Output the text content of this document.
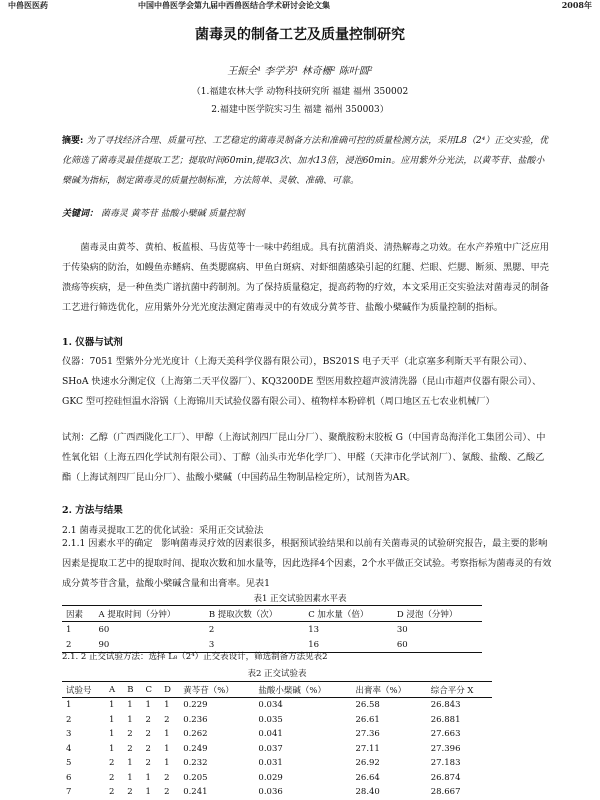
中兽医医药	中国中兽医学会第九届中西兽医结合学术研讨会论文集	2008年
菌毒灵的制备工艺及质量控制研究
王振全¹ 李学芳¹ 林奇栅² 陈叶圆²
（1.福建农林大学 动物科技研究所 福建 福州 350002
2.福建中医学院实习生 福建 福州 350003）
摘要: 为了寻找经济合理、质量可控、工艺稳定的菌毒灵制备方法和准确可控的质量检测方法，采用L8（2⁴）正交实验，优化筛选了菌毒灵最佳提取工艺；提取时间60min,提取3次、加水13倍，浸泡60min。应用紫外分光法，以黄芩苷、盐酸小檗碱为指标，制定菌毒灵的质量控制标准，方法简单、灵敏、准确、可靠。
关键词： 菌毒灵 黄芩苷 盐酸小檗碱 质量控制
菌毒灵由黄芩、黄柏、板蓝根、马齿苋等十一味中药组成。具有抗菌消炎、清热解毒之功效。在水产养殖中广泛应用于传染病的防治，如鳗鱼赤鳍病、鱼类腮腐病、甲鱼白斑病、对虾细菌感染引起的红腿、烂眼、烂腮、断须、黑腮、甲壳溃疡等疾病，是一种鱼类广谱抗菌中药制剂。为了保持质量稳定，提高药物的疗效，本文采用正交实验法对菌毒灵的制备工艺进行筛选优化，应用紫外分光光度法测定菌毒灵中的有效成分黄芩苷、盐酸小檗碱作为质量控制的指标。
1. 仪器与试剂
仪器：7051 型紫外分光光度计（上海天美科学仪器有限公司），BS201S 电子天平（北京塞多利斯天平有限公司）、SHoA 快速水分测定仪（上海第二天平仪器厂）、KQ3200DE 型医用数控超声波清洗器（昆山市超声仪器有限公司）、GKC 型可控硅恒温水浴锅（上海锦川天试验仪器有限公司）、植物样本粉碎机（周口地区五七农业机械厂）
试剂：乙醇（广西西陇化工厂）、甲醇（上海试剂四厂昆山分厂）、聚酰胺粉末胶板 G（中国青岛海洋化工集团公司）、中性氧化铝（上海五四化学试剂有限公司）、丁醇（汕头市光华化学厂）、甲醛（天津市化学试剂厂）、氯酸、盐酸、乙酸乙酯（上海试剂四厂昆山分厂）、盐酸小檗碱（中国药品生物制品检定所），试剂皆为AR。
2. 方法与结果
2.1 菌毒灵提取工艺的优化试验：采用正交试验法
2.1.1 因素水平的确定 影响菌毒灵疗效的因素很多，根据预试验结果和以前有关菌毒灵的试验研究报告，最主要的影响因素是提取工艺中的提取时间、提取次数和加水量等，因此选择4个因素，2个水平做正交试验。考察指标为菌毒灵的有效成分黄芩苷含量，盐酸小檗碱含量和出膏率。见表1
表1 正交试验因素水平表
因素	A 提取时间（分钟）	B 提取次数（次）	C 加水量（倍）	D 浸泡（分钟）
1	60	2	13	30
2	90	3	16	60
2.1. 2 正交试验方法：选择 L₈（2⁴）正交表设计，筛选制备方法见表2
表2 正交试验表
试验号	A	B	C	D	黄芩苷（%）	盐酸小檗碱（%）	出膏率（%）	综合平分 X
1	1	1	1	1	0.229	0.034	26.58	26.843
2	1	1	2	2	0.236	0.035	26.61	26.881
3	1	2	2	1	0.262	0.041	27.36	27.663
4	1	2	2	1	0.249	0.037	27.11	27.396
5	2	1	2	1	0.232	0.031	26.92	27.183
6	2	1	1	2	0.205	0.029	26.64	26.874
7	2	2	1	2	0.241	0.036	28.40	28.667
